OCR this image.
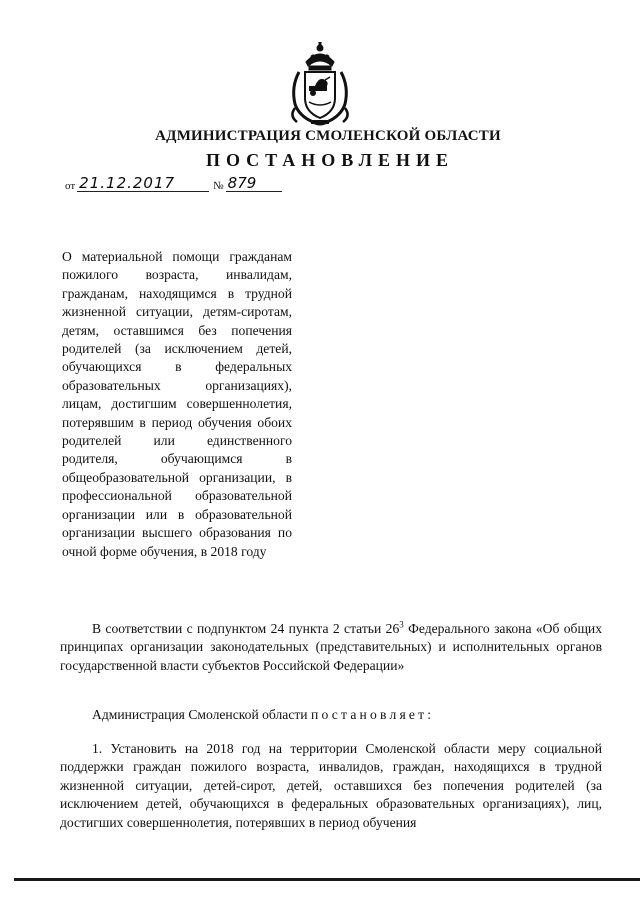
АДМИНИСТРАЦИЯ СМОЛЕНСКОЙ ОБЛАСТИ
ПОСТАНОВЛЕНИЕ
от 21.12.2017	№ 879
О материальной помощи гражданам пожилого возраста, инвалидам, гражданам, находящимся в трудной жизненной ситуации, детям-сиротам, детям, оставшимся без попечения родителей (за исключением детей, обучающихся в федеральных образовательных организациях), лицам, достигшим совершеннолетия, потерявшим в период обучения обоих родителей или единственного родителя, обучающимся в общеобразовательной организации, в профессиональной образовательной организации или в образовательной организации высшего образования по очной форме обучения, в 2018 году
В соответствии с подпунктом 24 пункта 2 статьи $26^3$ Федерального закона «Об общих принципах организации законодательных (представительных) и исполнительных органов государственной власти субъектов Российской Федерации»
Администрация Смоленской области постановляет:
1. Установить на 2018 год на территории Смоленской области меру социальной поддержки граждан пожилого возраста, инвалидов, граждан, находящихся в трудной жизненной ситуации, детей-сирот, детей, оставшихся без попечения родителей (за исключением детей, обучающихся в федеральных образовательных организациях), лиц, достигших совершеннолетия, потерявших в период обучения
